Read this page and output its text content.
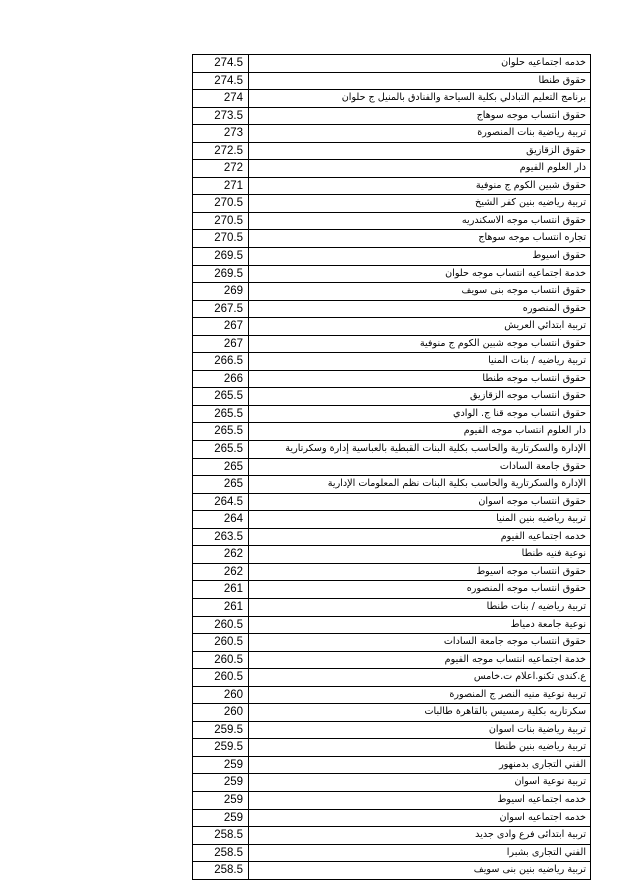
274.5	خدمه اجتماعيه حلوان
274.5	حقوق طنطا
274	برنامج التعليم التبادلي بكلية السياحة والفنادق بالمنيل ج حلوان
273.5	حقوق انتساب موجه سوهاج
273	تربية رياضية بنات المنصورة
272.5	حقوق الزقازيق
272	دار العلوم الفيوم
271	حقوق شبين الكوم ج منوفية
270.5	تربية رياضيه بنين كفر الشيخ
270.5	حقوق انتساب موجه الاسكندريه
270.5	تجاره انتساب موجه سوهاج
269.5	حقوق اسيوط
269.5	خدمة اجتماعيه انتساب موجه حلوان
269	حقوق انتساب موجه بنى سويف
267.5	حقوق المنصوره
267	تربية ابتدائي العريش
267	حقوق انتساب موجه شبين الكوم ج منوفية
266.5	تربية رياضيه / بنات المنيا
266	حقوق انتساب موجه طنطا
265.5	حقوق انتساب موجه الزقازيق
265.5	حقوق انتساب موجه قنا ج. الوادي
265.5	دار العلوم انتساب موجه الفيوم
265.5	الإدارة والسكرتارية والحاسب بكلية البنات القبطية بالعباسية إدارة وسكرتارية
265	حقوق جامعة السادات
265	الإدارة والسكرتارية والحاسب بكلية البنات نظم المعلومات الإدارية
264.5	حقوق انتساب موجه اسوان
264	تربية رياضيه بنين المنيا
263.5	خدمه اجتماعيه الفيوم
262	نوعية فنيه طنطا
262	حقوق انتساب موجه اسيوط
261	حقوق انتساب موجه المنصوره
261	تربية رياضيه / بنات طنطا
260.5	نوعية جامعة دمياط
260.5	حقوق انتساب موجه جامعة السادات
260.5	خدمة اجتماعيه انتساب موجه الفيوم
260.5	ع.كندى تكنو.اعلام ت.خامس
260	تربية نوعية منيه النصر ج المنصورة
260	سكرتاريه بكلية رمسيس بالقاهرة طالبات
259.5	تربية رياضية بنات اسوان
259.5	تربية رياضيه بنين طنطا
259	الفني التجارى بدمنهور
259	تربية نوعية اسوان
259	خدمه اجتماعيه اسيوط
259	خدمه اجتماعيه اسوان
258.5	تربية ابتدائى فرع وادى جديد
258.5	الفني التجارى بشبرا
258.5	تربية رياضيه بنين بنى سويف
